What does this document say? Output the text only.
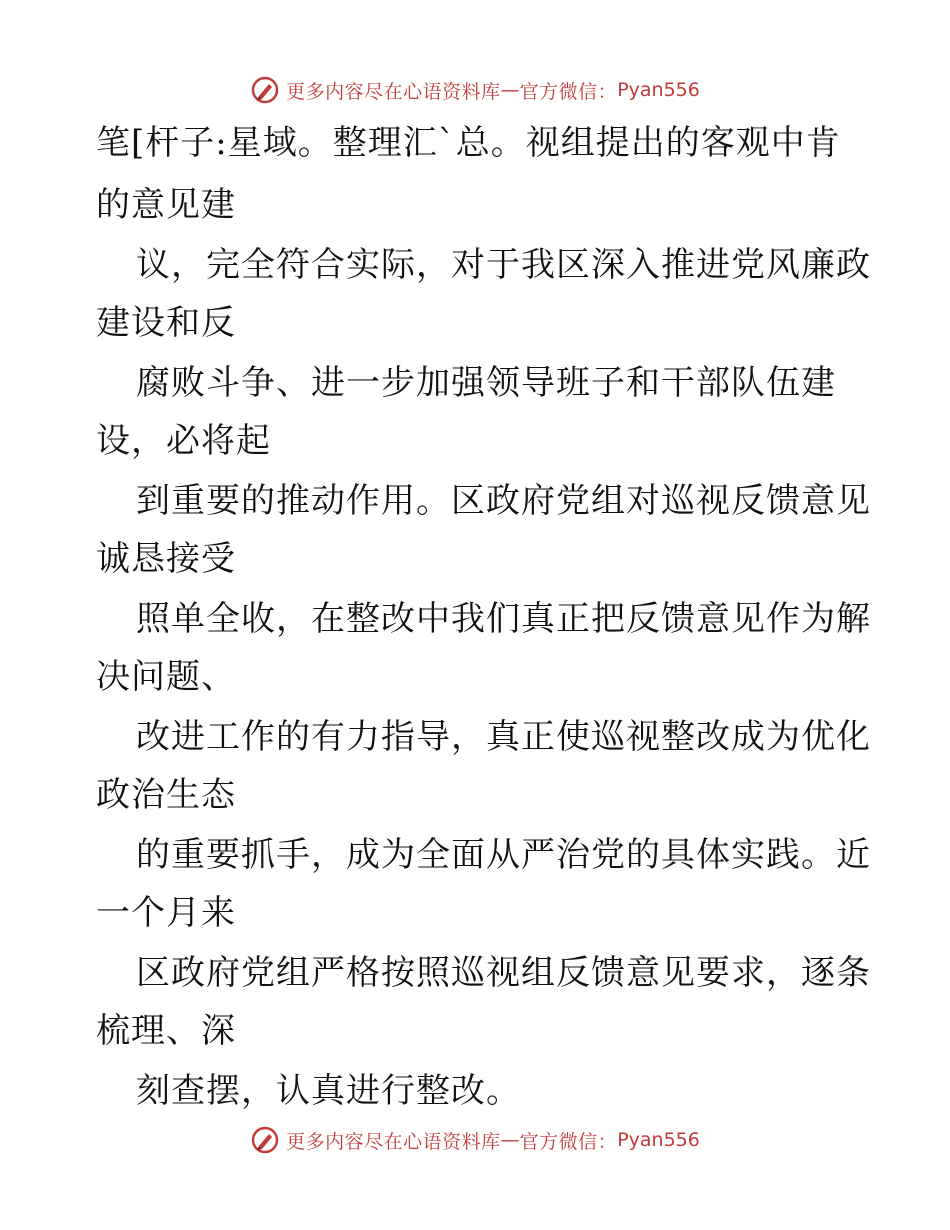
更多内容尽在心语资料库 — 官方微信： Pyan556
笔[杆子:星域。整理汇`总。视组提出的客观中肯
的意见建
议，完全符合实际，对于我区深入推进党风廉政
建设和反
腐败斗争、进一步加强领导班子和干部队伍建
设，必将起
到重要的推动作用。区政府党组对巡视反馈意见
诚恳接受
照单全收，在整改中我们真正把反馈意见作为解
决问题、
改进工作的有力指导，真正使巡视整改成为优化
政治生态
的重要抓手，成为全面从严治党的具体实践。近
一个月来
区政府党组严格按照巡视组反馈意见要求，逐条
梳理、深
刻查摆，认真进行整改。
更多内容尽在心语资料库 — 官方微信： Pyan556
